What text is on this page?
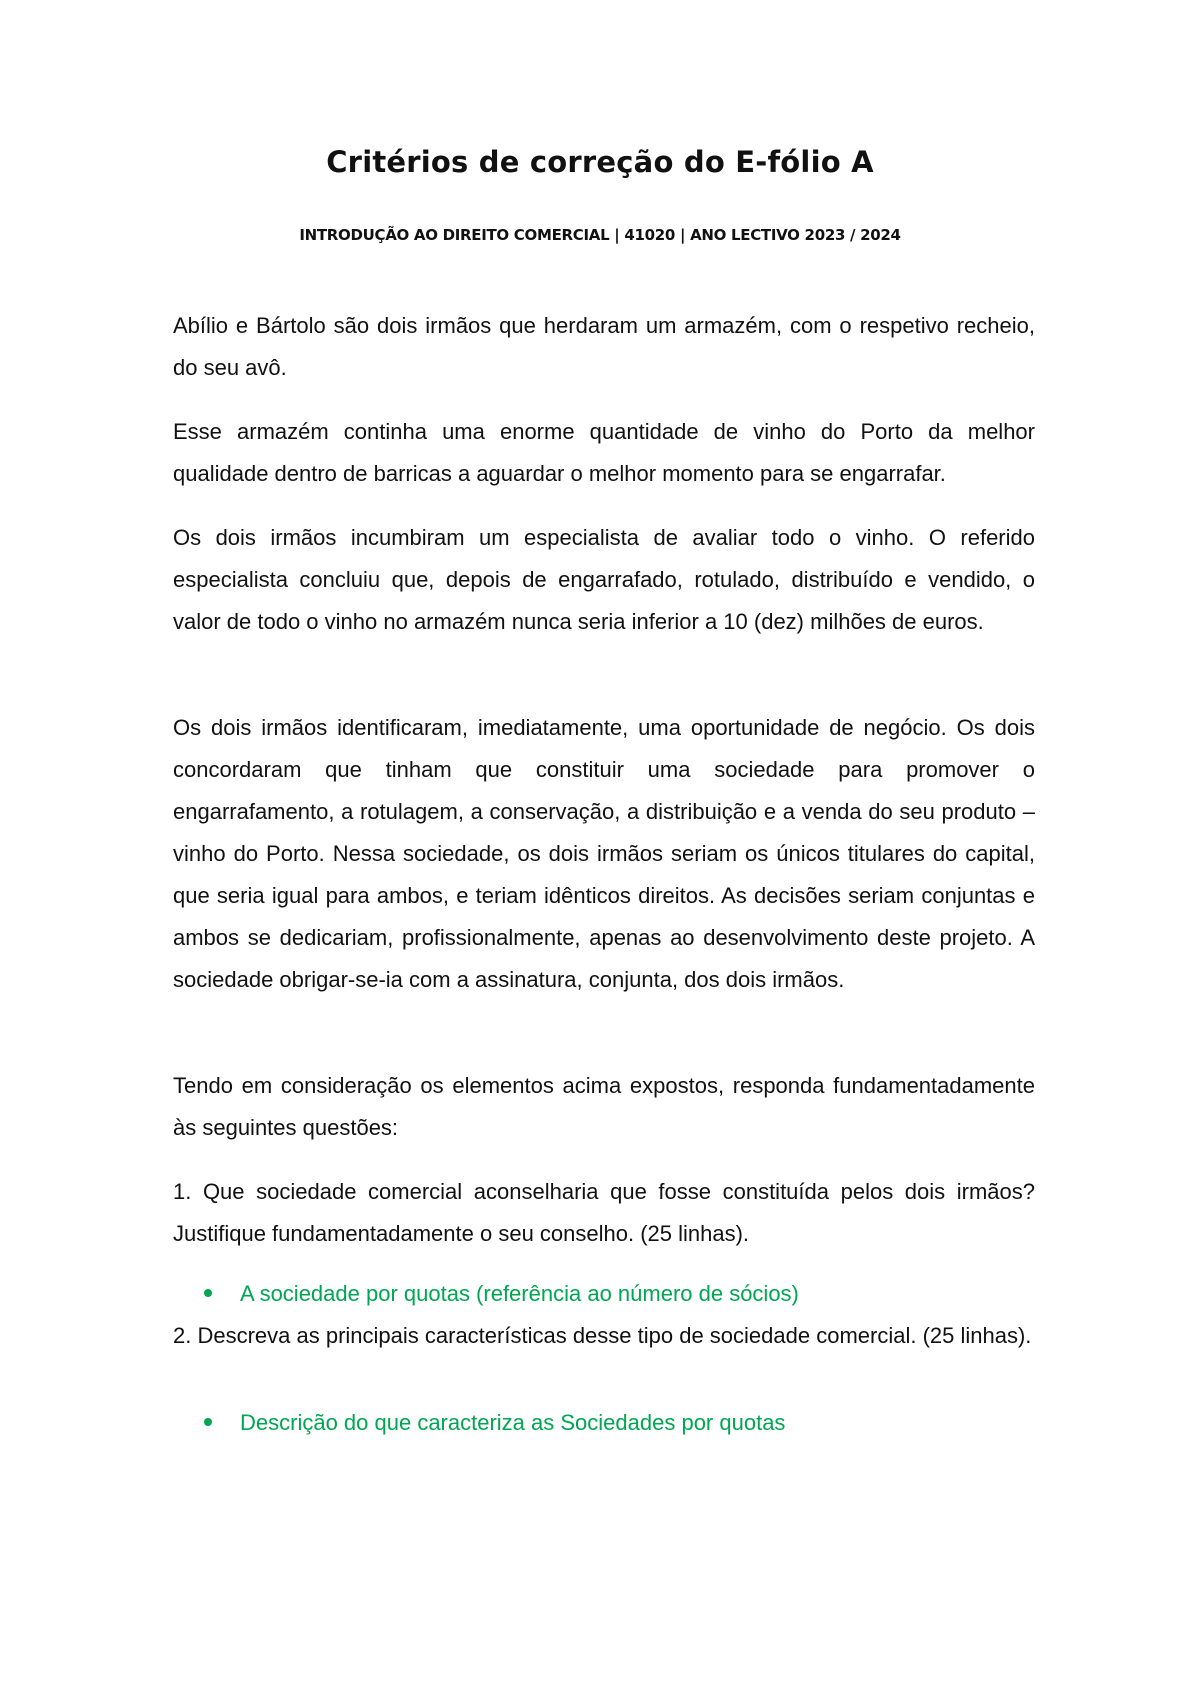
Critérios de correção do E-fólio A
INTRODUÇÃO AO DIREITO COMERCIAL | 41020 | ANO LECTIVO 2023 / 2024
Abílio e Bártolo são dois irmãos que herdaram um armazém, com o respetivo recheio, do seu avô.
Esse armazém continha uma enorme quantidade de vinho do Porto da melhor qualidade dentro de barricas a aguardar o melhor momento para se engarrafar.
Os dois irmãos incumbiram um especialista de avaliar todo o vinho. O referido especialista concluiu que, depois de engarrafado, rotulado, distribuído e vendido, o valor de todo o vinho no armazém nunca seria inferior a 10 (dez) milhões de euros.
Os dois irmãos identificaram, imediatamente, uma oportunidade de negócio. Os dois concordaram que tinham que constituir uma sociedade para promover o engarrafamento, a rotulagem, a conservação, a distribuição e a venda do seu produto – vinho do Porto. Nessa sociedade, os dois irmãos seriam os únicos titulares do capital, que seria igual para ambos, e teriam idênticos direitos. As decisões seriam conjuntas e ambos se dedicariam, profissionalmente, apenas ao desenvolvimento deste projeto. A sociedade obrigar-se-ia com a assinatura, conjunta, dos dois irmãos.
Tendo em consideração os elementos acima expostos, responda fundamentadamente às seguintes questões:
1. Que sociedade comercial aconselharia que fosse constituída pelos dois irmãos? Justifique fundamentadamente o seu conselho. (25 linhas).
A sociedade por quotas (referência ao número de sócios)
2. Descreva as principais características desse tipo de sociedade comercial. (25 linhas).
Descrição do que caracteriza as Sociedades por quotas
